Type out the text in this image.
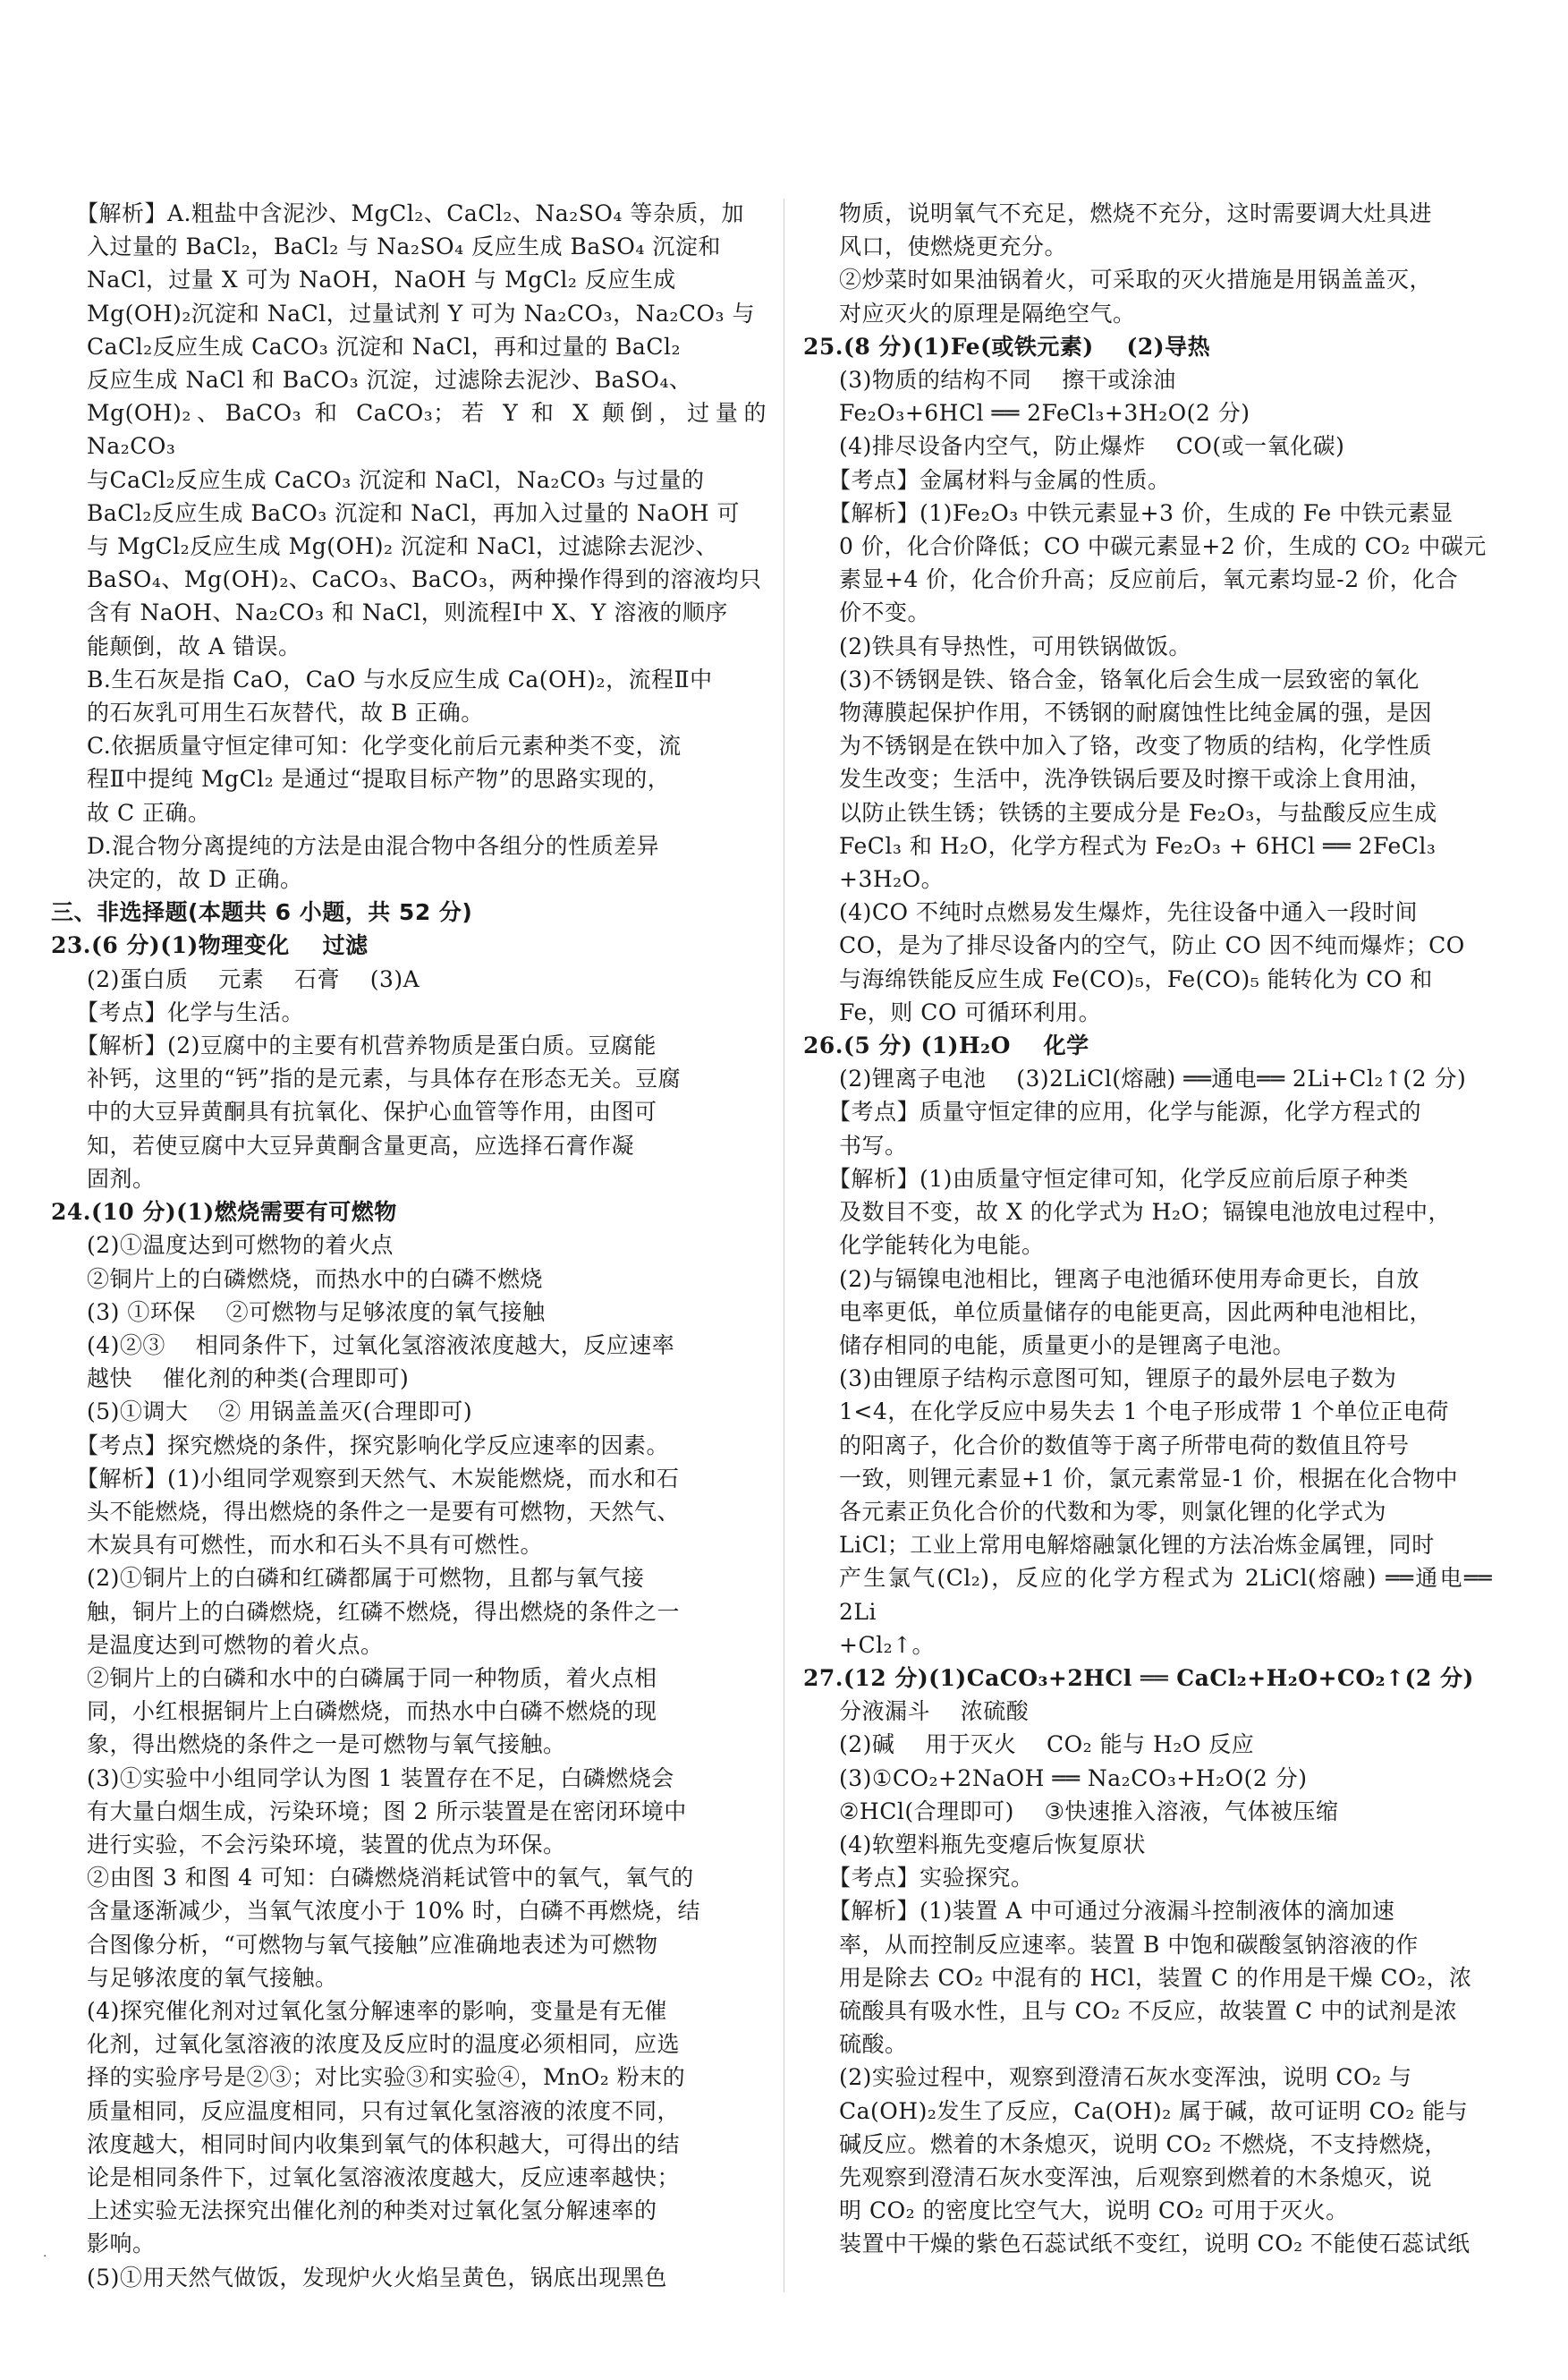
【解析】A.粗盐中含泥沙、MgCl₂、CaCl₂、Na₂SO₄ 等杂质，加
入过量的 BaCl₂，BaCl₂ 与 Na₂SO₄ 反应生成 BaSO₄ 沉淀和
NaCl，过量 X 可为 NaOH，NaOH 与 MgCl₂ 反应生成
Mg(OH)₂沉淀和 NaCl，过量试剂 Y 可为 Na₂CO₃，Na₂CO₃ 与
CaCl₂反应生成 CaCO₃ 沉淀和 NaCl，再和过量的 BaCl₂
反应生成 NaCl 和 BaCO₃ 沉淀，过滤除去泥沙、BaSO₄、
Mg(OH)₂、BaCO₃ 和 CaCO₃；若 Y 和 X 颠倒，过量的 Na₂CO₃
与CaCl₂反应生成 CaCO₃ 沉淀和 NaCl，Na₂CO₃ 与过量的
BaCl₂反应生成 BaCO₃ 沉淀和 NaCl，再加入过量的 NaOH 可
与 MgCl₂反应生成 Mg(OH)₂ 沉淀和 NaCl，过滤除去泥沙、
BaSO₄、Mg(OH)₂、CaCO₃、BaCO₃，两种操作得到的溶液均只
含有 NaOH、Na₂CO₃ 和 NaCl，则流程Ⅰ中 X、Y 溶液的顺序
能颠倒，故 A 错误。
B.生石灰是指 CaO，CaO 与水反应生成 Ca(OH)₂，流程Ⅱ中
的石灰乳可用生石灰替代，故 B 正确。
C.依据质量守恒定律可知：化学变化前后元素种类不变，流
程Ⅱ中提纯 MgCl₂ 是通过“提取目标产物”的思路实现的，
故 C 正确。
D.混合物分离提纯的方法是由混合物中各组分的性质差异
决定的，故 D 正确。
三、非选择题(本题共 6 小题，共 52 分)
23.(6 分)(1)物理变化    过滤
(2)蛋白质    元素    石膏    (3)A
【考点】化学与生活。
【解析】(2)豆腐中的主要有机营养物质是蛋白质。豆腐能
补钙，这里的“钙”指的是元素，与具体存在形态无关。豆腐
中的大豆异黄酮具有抗氧化、保护心血管等作用，由图可
知，若使豆腐中大豆异黄酮含量更高，应选择石膏作凝
固剂。
24.(10 分)(1)燃烧需要有可燃物
(2)①温度达到可燃物的着火点
②铜片上的白磷燃烧，而热水中的白磷不燃烧
(3) ①环保    ②可燃物与足够浓度的氧气接触
(4)②③    相同条件下，过氧化氢溶液浓度越大，反应速率
越快    催化剂的种类(合理即可)
(5)①调大    ② 用锅盖盖灭(合理即可)
【考点】探究燃烧的条件，探究影响化学反应速率的因素。
【解析】(1)小组同学观察到天然气、木炭能燃烧，而水和石
头不能燃烧，得出燃烧的条件之一是要有可燃物，天然气、
木炭具有可燃性，而水和石头不具有可燃性。
(2)①铜片上的白磷和红磷都属于可燃物，且都与氧气接
触，铜片上的白磷燃烧，红磷不燃烧，得出燃烧的条件之一
是温度达到可燃物的着火点。
②铜片上的白磷和水中的白磷属于同一种物质，着火点相
同，小红根据铜片上白磷燃烧，而热水中白磷不燃烧的现
象，得出燃烧的条件之一是可燃物与氧气接触。
(3)①实验中小组同学认为图 1 装置存在不足，白磷燃烧会
有大量白烟生成，污染环境；图 2 所示装置是在密闭环境中
进行实验，不会污染环境，装置的优点为环保。
②由图 3 和图 4 可知：白磷燃烧消耗试管中的氧气，氧气的
含量逐渐减少，当氧气浓度小于 10% 时，白磷不再燃烧，结
合图像分析，“可燃物与氧气接触”应准确地表述为可燃物
与足够浓度的氧气接触。
(4)探究催化剂对过氧化氢分解速率的影响，变量是有无催
化剂，过氧化氢溶液的浓度及反应时的温度必须相同，应选
择的实验序号是②③；对比实验③和实验④，MnO₂ 粉末的
质量相同，反应温度相同，只有过氧化氢溶液的浓度不同，
浓度越大，相同时间内收集到氧气的体积越大，可得出的结
论是相同条件下，过氧化氢溶液浓度越大，反应速率越快；
上述实验无法探究出催化剂的种类对过氧化氢分解速率的
影响。
(5)①用天然气做饭，发现炉火火焰呈黄色，锅底出现黑色
物质，说明氧气不充足，燃烧不充分，这时需要调大灶具进
风口，使燃烧更充分。
②炒菜时如果油锅着火，可采取的灭火措施是用锅盖盖灭，
对应灭火的原理是隔绝空气。
25.(8 分)(1)Fe(或铁元素)    (2)导热
(3)物质的结构不同    擦干或涂油
Fe₂O₃+6HCl ══ 2FeCl₃+3H₂O(2 分)
(4)排尽设备内空气，防止爆炸    CO(或一氧化碳)
【考点】金属材料与金属的性质。
【解析】(1)Fe₂O₃ 中铁元素显+3 价，生成的 Fe 中铁元素显
0 价，化合价降低；CO 中碳元素显+2 价，生成的 CO₂ 中碳元
素显+4 价，化合价升高；反应前后，氧元素均显-2 价，化合
价不变。
(2)铁具有导热性，可用铁锅做饭。
(3)不锈钢是铁、铬合金，铬氧化后会生成一层致密的氧化
物薄膜起保护作用，不锈钢的耐腐蚀性比纯金属的强，是因
为不锈钢是在铁中加入了铬，改变了物质的结构，化学性质
发生改变；生活中，洗净铁锅后要及时擦干或涂上食用油，
以防止铁生锈；铁锈的主要成分是 Fe₂O₃，与盐酸反应生成
FeCl₃ 和 H₂O，化学方程式为 Fe₂O₃ + 6HCl ══ 2FeCl₃
+3H₂O。
(4)CO 不纯时点燃易发生爆炸，先往设备中通入一段时间
CO，是为了排尽设备内的空气，防止 CO 因不纯而爆炸；CO
与海绵铁能反应生成 Fe(CO)₅，Fe(CO)₅ 能转化为 CO 和
Fe，则 CO 可循环利用。
26.(5 分) (1)H₂O    化学
(2)锂离子电池    (3)2LiCl(熔融) ══通电══ 2Li+Cl₂↑(2 分)
【考点】质量守恒定律的应用，化学与能源，化学方程式的
书写。
【解析】(1)由质量守恒定律可知，化学反应前后原子种类
及数目不变，故 X 的化学式为 H₂O；镉镍电池放电过程中，
化学能转化为电能。
(2)与镉镍电池相比，锂离子电池循环使用寿命更长，自放
电率更低，单位质量储存的电能更高，因此两种电池相比，
储存相同的电能，质量更小的是锂离子电池。
(3)由锂原子结构示意图可知，锂原子的最外层电子数为
1<4，在化学反应中易失去 1 个电子形成带 1 个单位正电荷
的阳离子，化合价的数值等于离子所带电荷的数值且符号
一致，则锂元素显+1 价，氯元素常显-1 价，根据在化合物中
各元素正负化合价的代数和为零，则氯化锂的化学式为
LiCl；工业上常用电解熔融氯化锂的方法冶炼金属锂，同时
产生氯气(Cl₂)，反应的化学方程式为 2LiCl(熔融) ══通电══ 2Li
+Cl₂↑。
27.(12 分)(1)CaCO₃+2HCl ══ CaCl₂+H₂O+CO₂↑(2 分)
分液漏斗    浓硫酸
(2)碱    用于灭火    CO₂ 能与 H₂O 反应
(3)①CO₂+2NaOH ══ Na₂CO₃+H₂O(2 分)
②HCl(合理即可)    ③快速推入溶液，气体被压缩
(4)软塑料瓶先变瘪后恢复原状
【考点】实验探究。
【解析】(1)装置 A 中可通过分液漏斗控制液体的滴加速
率，从而控制反应速率。装置 B 中饱和碳酸氢钠溶液的作
用是除去 CO₂ 中混有的 HCl，装置 C 的作用是干燥 CO₂，浓
硫酸具有吸水性，且与 CO₂ 不反应，故装置 C 中的试剂是浓
硫酸。
(2)实验过程中，观察到澄清石灰水变浑浊，说明 CO₂ 与
Ca(OH)₂发生了反应，Ca(OH)₂ 属于碱，故可证明 CO₂ 能与
碱反应。燃着的木条熄灭，说明 CO₂ 不燃烧，不支持燃烧，
先观察到澄清石灰水变浑浊，后观察到燃着的木条熄灭，说
明 CO₂ 的密度比空气大，说明 CO₂ 可用于灭火。
装置中干燥的紫色石蕊试纸不变红，说明 CO₂ 不能使石蕊试纸
.
